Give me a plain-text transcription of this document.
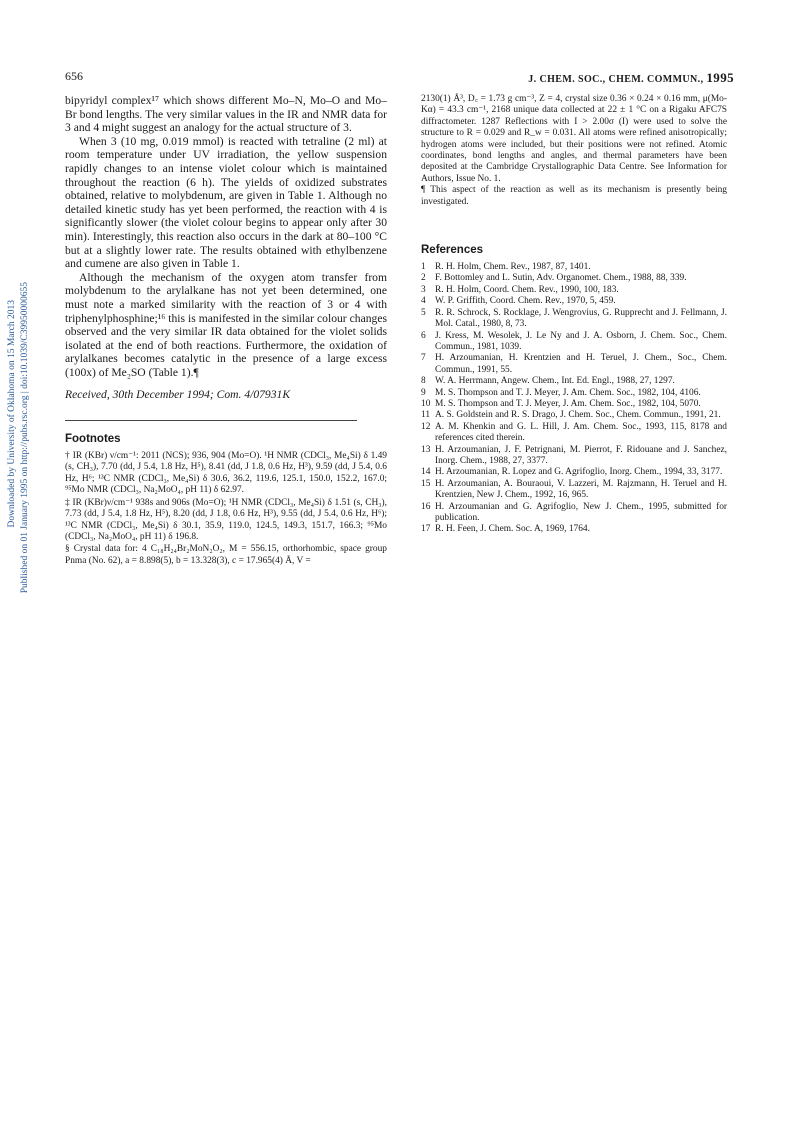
656	J. CHEM. SOC., CHEM. COMMUN., 1995
Downloaded by University of Oklahoma on 15 March 2013 Published on 01 January 1995 on http://pubs.rsc.org | doi:10.1039/C39950000655

bipyridyl complex¹⁷ which shows different Mo–N, Mo–O and Mo–Br bond lengths. The very similar values in the IR and NMR data for 3 and 4 might suggest an analogy for the actual structure of 3.

When 3 (10 mg, 0.019 mmol) is reacted with tetraline (2 ml) at room temperature under UV irradiation, the yellow suspension rapidly changes to an intense violet colour which is maintained throughout the reaction (6 h). The yields of oxidized substrates obtained, relative to molybdenum, are given in Table 1. Although no detailed kinetic study has yet been performed, the reaction with 4 is significantly slower (the violet colour begins to appear only after 30 min). Interestingly, this reaction also occurs in the dark at 80–100 °C but at a slightly lower rate. The results obtained with ethylbenzene and cumene are also given in Table 1.

Although the mechanism of the oxygen atom transfer from molybdenum to the arylalkane has not yet been determined, one must note a marked similarity with the reaction of 3 or 4 with triphenylphosphine;¹⁶ this is manifested in the similar colour changes observed and the very similar IR data obtained for the violet solids isolated at the end of both reactions. Furthermore, the oxidation of arylalkanes becomes catalytic in the presence of a large excess (100x) of Me₂SO (Table 1).¶

Received, 30th December 1994; Com. 4/07931K

Footnotes

† IR (KBr) ν/cm⁻¹: 2011 (NCS); 936, 904 (Mo=O). ¹H NMR (CDCl₃, Me₄Si) δ 1.49 (s, CH₃), 7.70 (dd, J 5.4, 1.8 Hz, H⁵), 8.41 (dd, J 1.8, 0.6 Hz, H³), 9.59 (dd, J 5.4, 0.6 Hz, H⁶; ¹³C NMR (CDCl₃, Me₄Si) δ 30.6, 36.2, 119.6, 125.1, 150.0, 152.2, 167.0; ⁹⁵Mo NMR (CDCl₃, Na₂MoO₄, pH 11) δ 62.97.

‡ IR (KBr)ν/cm⁻¹ 938s and 906s (Mo=O); ¹H NMR (CDCl₃, Me₄Si) δ 1.51 (s, CH₃), 7.73 (dd, J 5.4, 1.8 Hz, H⁵), 8.20 (dd, J 1.8, 0.6 Hz, H³), 9.55 (dd, J 5.4, 0.6 Hz, H⁶); ¹³C NMR (CDCl₃, Me₄Si) δ 30.1, 35.9, 119.0, 124.5, 149.3, 151.7, 166.3; ⁹⁵Mo (CDCl₃, Na₂MoO₄, pH 11) δ 196.8.

§ Crystal data for: 4 C₁₈H₂₄Br₂MoN₂O₂, M = 556.15, orthorhombic, space group Pnma (No. 62), a = 8.898(5), b = 13.328(3), c = 17.965(4) Å, V =

2130(1) Å³, D꜀ = 1.73 g cm⁻³, Z = 4, crystal size 0.36 × 0.24 × 0.16 mm, μ(Mo-Kα) = 43.3 cm⁻¹, 2168 unique data collected at 22 ± 1 °C on a Rigaku AFC7S diffractometer. 1287 Reflections with I > 2.00σ (I) were used to solve the structure to R = 0.029 and R_w = 0.031. All atoms were refined anisotropically; hydrogen atoms were included, but their positions were not refined. Atomic coordinates, bond lengths and angles, and thermal parameters have been deposited at the Cambridge Crystallographic Data Centre. See Information for Authors, Issue No. 1.

¶ This aspect of the reaction as well as its mechanism is presently being investigated.

References
1 R. H. Holm, Chem. Rev., 1987, 87, 1401.
2 F. Bottomley and L. Sutin, Adv. Organomet. Chem., 1988, 88, 339.
3 R. H. Holm, Coord. Chem. Rev., 1990, 100, 183.
4 W. P. Griffith, Coord. Chem. Rev., 1970, 5, 459.
5 R. R. Schrock, S. Rocklage, J. Wengrovius, G. Rupprecht and J. Fellmann, J. Mol. Catal., 1980, 8, 73.
6 J. Kress, M. Wesolek, J. Le Ny and J. A. Osborn, J. Chem. Soc., Chem. Commun., 1981, 1039.
7 H. Arzoumanian, H. Krentzien and H. Teruel, J. Chem., Soc., Chem. Commun., 1991, 55.
8 W. A. Herrmann, Angew. Chem., Int. Ed. Engl., 1988, 27, 1297.
9 M. S. Thompson and T. J. Meyer, J. Am. Chem. Soc., 1982, 104, 4106.
10 M. S. Thompson and T. J. Meyer, J. Am. Chem. Soc., 1982, 104, 5070.
11 A. S. Goldstein and R. S. Drago, J. Chem. Soc., Chem. Commun., 1991, 21.
12 A. M. Khenkin and G. L. Hill, J. Am. Chem. Soc., 1993, 115, 8178 and references cited therein.
13 H. Arzoumanian, J. F. Petrignani, M. Pierrot, F. Ridouane and J. Sanchez, Inorg. Chem., 1988, 27, 3377.
14 H. Arzoumanian, R. Lopez and G. Agrifoglio, Inorg. Chem., 1994, 33, 3177.
15 H. Arzoumanian, A. Bouraoui, V. Lazzeri, M. Rajzmann, H. Teruel and H. Krentzien, New J. Chem., 1992, 16, 965.
16 H. Arzoumanian and G. Agrifoglio, New J. Chem., 1995, submitted for publication.
17 R. H. Feen, J. Chem. Soc. A, 1969, 1764.
